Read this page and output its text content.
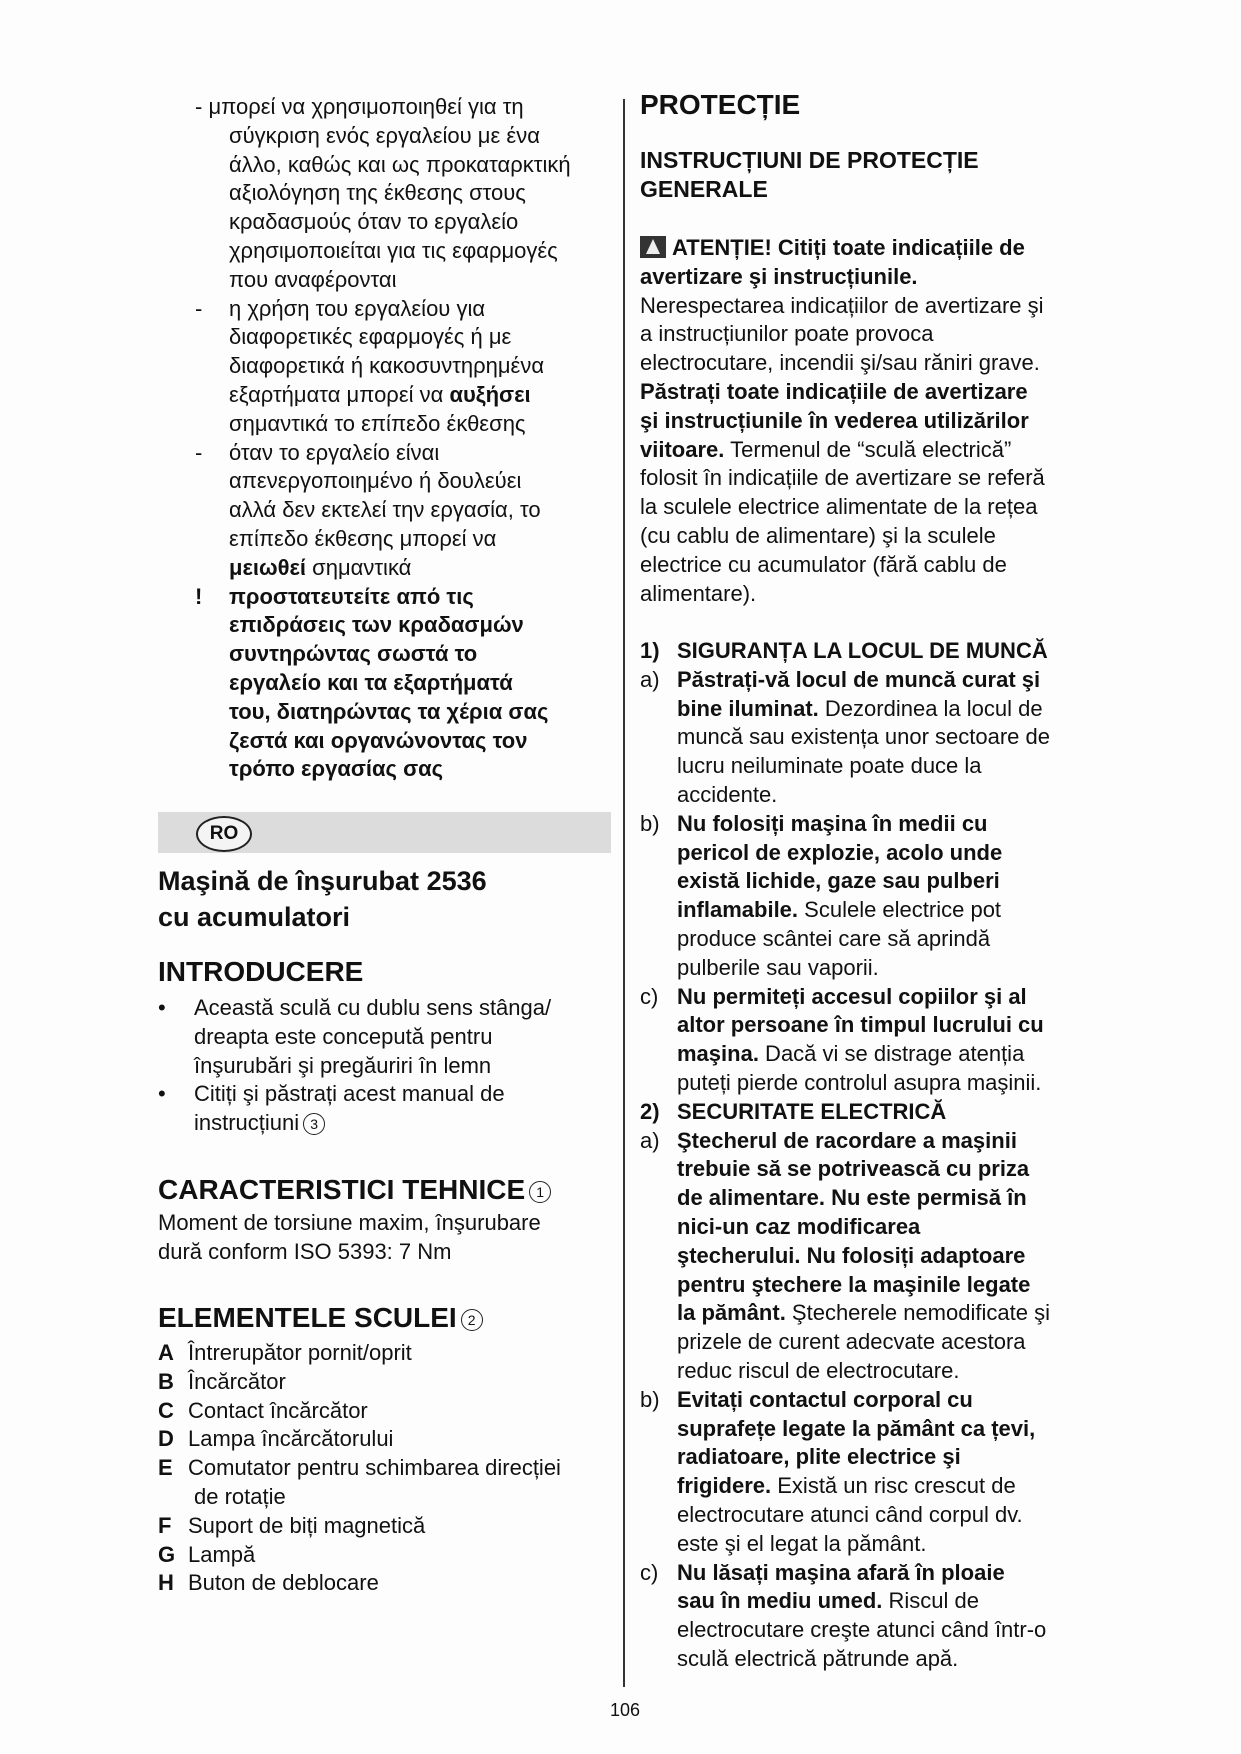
- μπορεί να χρησιμοποιηθεί για τη
σύγκριση ενός εργαλείου με ένα
άλλο, καθώς και ως προκαταρκτική
αξιολόγηση της έκθεσης στους
κραδασμούς όταν το εργαλείο
χρησιμοποιείται για τις εφαρμογές
που αναφέρονται
- η χρήση του εργαλείου για
διαφορετικές εφαρμογές ή με
διαφορετικά ή κακοσυντηρημένα
εξαρτήματα μπορεί να αυξήσει
σημαντικά το επίπεδο έκθεσης
- όταν το εργαλείο είναι
απενεργοποιημένο ή δουλεύει
αλλά δεν εκτελεί την εργασία, το
επίπεδο έκθεσης μπορεί να
μειωθεί σημαντικά
! προστατευτείτε από τις
επιδράσεις των κραδασμών
συντηρώντας σωστά το
εργαλείο και τα εξαρτήματά
του, διατηρώντας τα χέρια σας
ζεστά και οργανώνοντας τον
τρόπο εργασίας σας
RO
Maşină de înşurubat 2536
cu acumulatori
INTRODUCERE
• Această sculă cu dublu sens stânga/
dreapta este concepută pentru
înşurubări şi pregăuriri în lemn
• Citiți şi păstrați acest manual de
instrucțiuni 3
CARACTERISTICI TEHNICE 1
Moment de torsiune maxim, înşurubare
dură conform ISO 5393: 7 Nm
ELEMENTELE SCULEI 2
A Întrerupător pornit/oprit
B Încărcător
C Contact încărcător
D Lampa încărcătorului
E Comutator pentru schimbarea direcției
de rotație
F Suport de biți magnetică
G Lampă
H Buton de deblocare
PROTECȚIE
INSTRUCȚIUNI DE PROTECȚIE
GENERALE
ATENȚIE! Citiți toate indicațiile de
avertizare şi instrucțiunile.
Nerespectarea indicațiilor de avertizare şi
a instrucțiunilor poate provoca
electrocutare, incendii şi/sau răniri grave.
Păstrați toate indicațiile de avertizare
şi instrucțiunile în vederea utilizărilor
viitoare. Termenul de “sculă electrică”
folosit în indicațiile de avertizare se referă
la sculele electrice alimentate de la rețea
(cu cablu de alimentare) şi la sculele
electrice cu acumulator (fără cablu de
alimentare).
1) SIGURANȚA LA LOCUL DE MUNCĂ
a) Păstrați-vă locul de muncă curat şi
bine iluminat. Dezordinea la locul de
muncă sau existența unor sectoare de
lucru neiluminate poate duce la
accidente.
b) Nu folosiți maşina în medii cu
pericol de explozie, acolo unde
există lichide, gaze sau pulberi
inflamabile. Sculele electrice pot
produce scântei care să aprindă
pulberile sau vaporii.
c) Nu permiteți accesul copiilor şi al
altor persoane în timpul lucrului cu
maşina. Dacă vi se distrage atenția
puteți pierde controlul asupra maşinii.
2) SECURITATE ELECTRICĂ
a) Ştecherul de racordare a maşinii
trebuie să se potrivească cu priza
de alimentare. Nu este permisă în
nici-un caz modificarea
ştecherului. Nu folosiți adaptoare
pentru ştechere la maşinile legate
la pământ. Ştecherele nemodificate şi
prizele de curent adecvate acestora
reduc riscul de electrocutare.
b) Evitați contactul corporal cu
suprafețe legate la pământ ca țevi,
radiatoare, plite electrice şi
frigidere. Există un risc crescut de
electrocutare atunci când corpul dv.
este şi el legat la pământ.
c) Nu lăsați maşina afară în ploaie
sau în mediu umed. Riscul de
electrocutare creşte atunci când într-o
sculă electrică pătrunde apă.
106
